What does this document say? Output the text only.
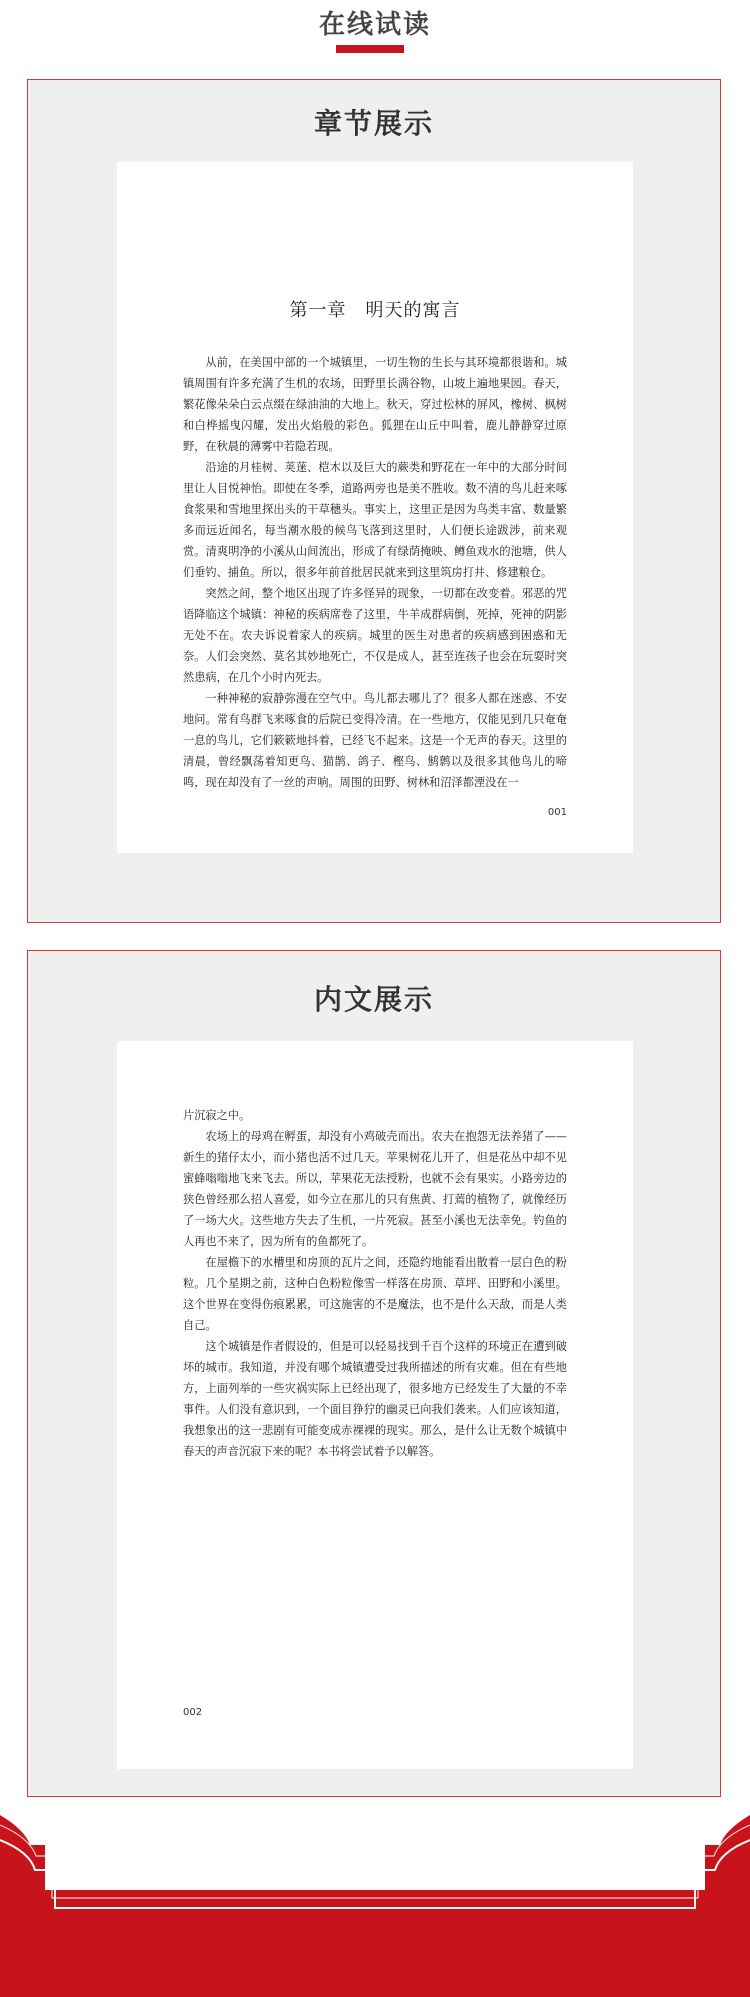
在线试读
章节展示

第一章　明天的寓言

从前，在美国中部的一个城镇里，一切生物的生长与其环境都很谐和。城镇周围有许多充满了生机的农场，田野里长满谷物，山坡上遍地果园。春天，繁花像朵朵白云点缀在绿油油的大地上。秋天，穿过松林的屏风，橡树、枫树和白桦摇曳闪耀，发出火焰般的彩色。狐狸在山丘中叫着，鹿儿静静穿过原野，在秋晨的薄雾中若隐若现。

沿途的月桂树、荚蒾、桤木以及巨大的蕨类和野花在一年中的大部分时间里让人目悦神怡。即使在冬季，道路两旁也是美不胜收。数不清的鸟儿赶来啄食浆果和雪地里探出头的干草穗头。事实上，这里正是因为鸟类丰富、数量繁多而远近闻名，每当潮水般的候鸟飞落到这里时，人们便长途跋涉，前来观赏。清爽明净的小溪从山间流出，形成了有绿荫掩映、鳟鱼戏水的池塘，供人们垂钓、捕鱼。所以，很多年前首批居民就来到这里筑房打井、修建粮仓。

突然之间，整个地区出现了许多怪异的现象，一切都在改变着。邪恶的咒语降临这个城镇：神秘的疾病席卷了这里，牛羊成群病倒，死掉，死神的阴影无处不在。农夫诉说着家人的疾病。城里的医生对患者的疾病感到困惑和无奈。人们会突然、莫名其妙地死亡，不仅是成人，甚至连孩子也会在玩耍时突然患病，在几个小时内死去。

一种神秘的寂静弥漫在空气中。鸟儿都去哪儿了？很多人都在迷惑、不安地问。常有鸟群飞来啄食的后院已变得冷清。在一些地方，仅能见到几只奄奄一息的鸟儿，它们簌簌地抖着，已经飞不起来。这是一个无声的春天。这里的清晨，曾经飘荡着知更鸟、猫鹊、鸽子、樫鸟、鹪鹩以及很多其他鸟儿的啼鸣，现在却没有了一丝的声响。周围的田野、树林和沼泽都湮没在一

001
内文展示

片沉寂之中。

农场上的母鸡在孵蛋，却没有小鸡破壳而出。农夫在抱怨无法养猪了——新生的猪仔太小，而小猪也活不过几天。苹果树花儿开了，但是花丛中却不见蜜蜂嗡嗡地飞来飞去。所以，苹果花无法授粉，也就不会有果实。小路旁边的狭色曾经那么招人喜爱，如今立在那儿的只有焦黄、打蔫的植物了，就像经历了一场大火。这些地方失去了生机，一片死寂。甚至小溪也无法幸免。钓鱼的人再也不来了，因为所有的鱼都死了。

在屋檐下的水槽里和房顶的瓦片之间，还隐约地能看出散着一层白色的粉粒。几个星期之前，这种白色粉粒像雪一样落在房顶、草坪、田野和小溪里。这个世界在变得伤痕累累，可这施害的不是魔法，也不是什么天敌，而是人类自己。

这个城镇是作者假设的，但是可以轻易找到千百个这样的环境正在遭到破坏的城市。我知道，并没有哪个城镇遭受过我所描述的所有灾难。但在有些地方，上面列举的一些灾祸实际上已经出现了，很多地方已经发生了大量的不幸事件。人们没有意识到，一个面目狰狞的幽灵已向我们袭来。人们应该知道，我想象出的这一悲剧有可能变成赤裸裸的现实。那么，是什么让无数个城镇中春天的声音沉寂下来的呢？本书将尝试着予以解答。

002
